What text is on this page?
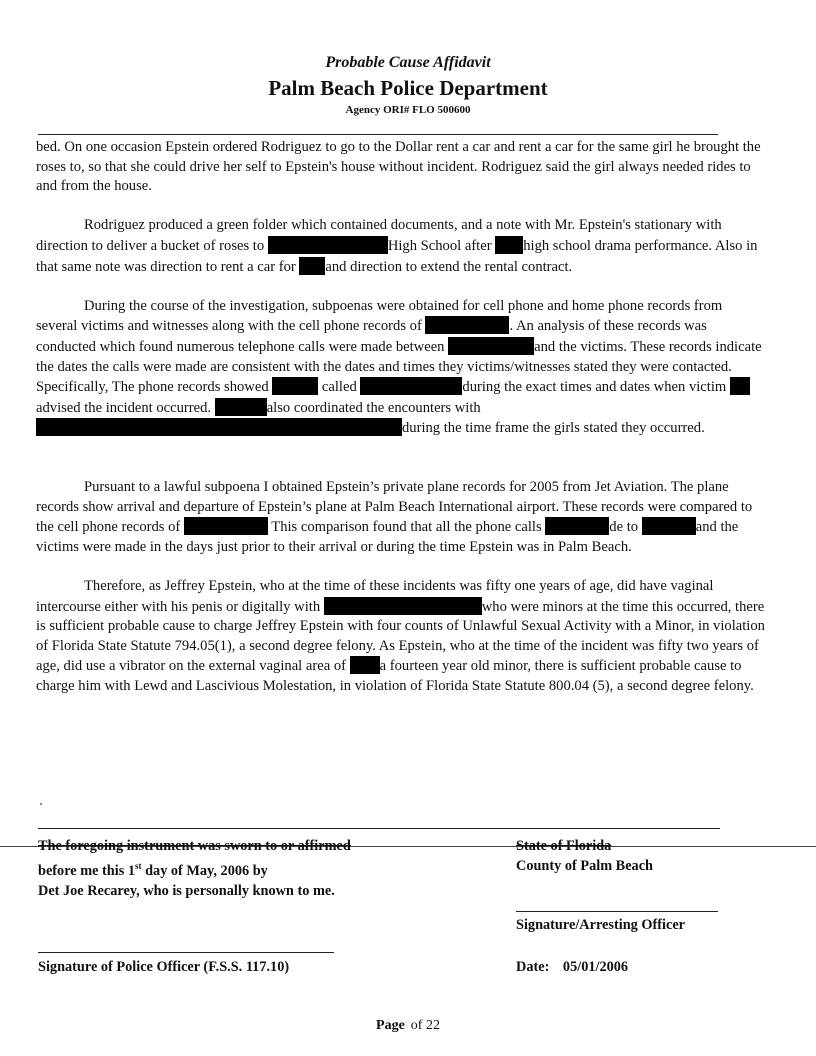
Probable Cause Affidavit
Palm Beach Police Department
Agency ORI# FLO 500600

bed. On one occasion Epstein ordered Rodriguez to go to the Dollar rent a car and rent a car for the same girl he brought the roses to, so that she could drive her self to Epstein's house without incident. Rodriguez said the girl always needed rides to and from the house.

Rodriguez produced a green folder which contained documents, and a note with Mr. Epstein's stationary with direction to deliver a bucket of roses to	High School after high school drama performance. Also in that same note was direction to rent a car for and direction to extend the rental contract.

During the course of the investigation, subpoenas were obtained for cell phone and home phone records from several victims and witnesses along with the cell phone records of	. An analysis of these records was conducted which found numerous telephone calls were made between	and the victims. These records indicate the dates the calls were made are consistent with the dates and times they victims/witnesses stated they were contacted. Specifically, The phone records showed	called	during the exact times and dates when victim advised the incident occurred.	also coordinated the encounters with during the time frame the girls stated they occurred.

Pursuant to a lawful subpoena I obtained Epstein’s private plane records for 2005 from Jet Aviation. The plane records show arrival and departure of Epstein’s plane at Palm Beach International airport. These records were compared to the cell phone records of	This comparison found that all the phone calls	de to	and the victims were made in the days just prior to their arrival or during the time Epstein was in Palm Beach.

Therefore, as Jeffrey Epstein, who at the time of these incidents was fifty one years of age, did have vaginal intercourse either with his penis or digitally with	who were minors at the time this occurred, there is sufficient probable cause to charge Jeffrey Epstein with four counts of Unlawful Sexual Activity with a Minor, in violation of Florida State Statute 794.05(1), a second degree felony. As Epstein, who at the time of the incident was fifty two years of age, did use a vibrator on the external vaginal area of a fourteen year old minor, there is sufficient probable cause to charge him with Lewd and Lascivious Molestation, in violation of Florida State Statute 800.04 (5), a second degree felony.

The foregoing instrument was sworn to or affirmed
before me this 1st day of May, 2006 by
Det Joe Recarey, who is personally known to me.
State of Florida
County of Palm Beach
Signature/Arresting Officer
Signature of Police Officer (F.S.S. 117.10)	Date: 05/01/2006
Page of 22
